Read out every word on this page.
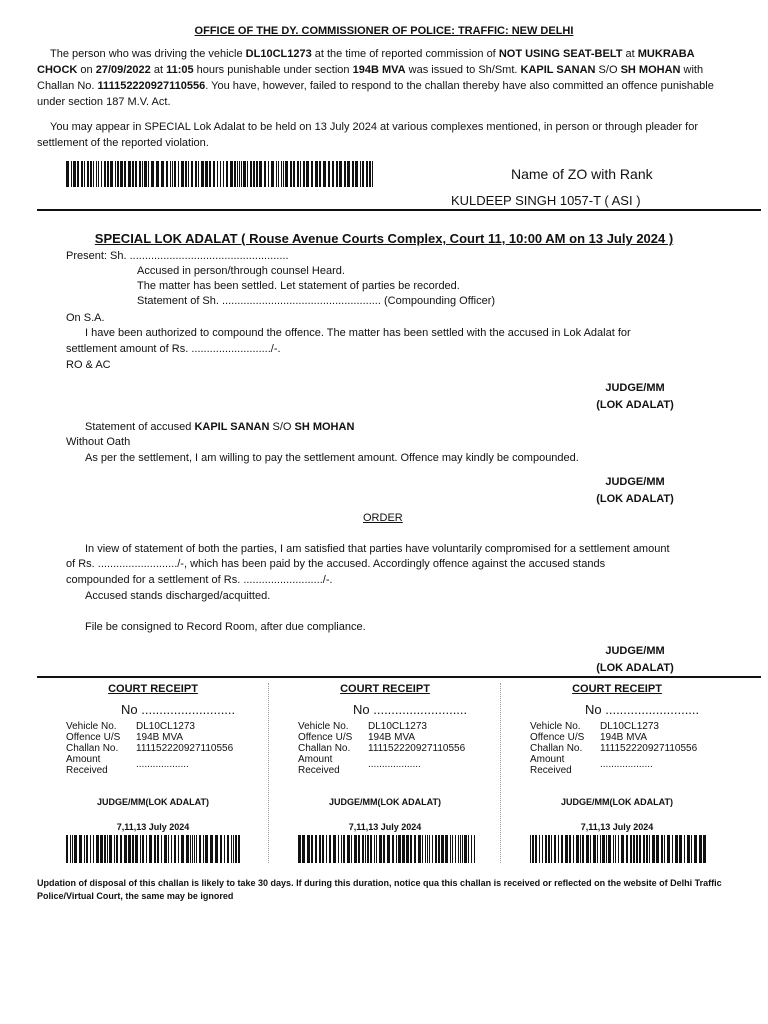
OFFICE OF THE DY. COMMISSIONER OF POLICE: TRAFFIC: NEW DELHI
The person who was driving the vehicle DL10CL1273 at the time of reported commission of NOT USING SEAT-BELT at MUKRABA CHOCK on 27/09/2022 at 11:05 hours punishable under section 194B MVA was issued to Sh/Smt. KAPIL SANAN S/O SH MOHAN with Challan No. 111152220927110556. You have, however, failed to respond to the challan thereby have also committed an offence punishable under section 187 M.V. Act.
You may appear in SPECIAL Lok Adalat to be held on 13 July 2024 at various complexes mentioned, in person or through pleader for settlement of the reported violation.
Name of ZO with Rank
KULDEEP SINGH 1057-T ( ASI )
SPECIAL LOK ADALAT ( Rouse Avenue Courts Complex, Court 11, 10:00 AM on 13 July 2024 )
Present: Sh. ....................................................
Accused in person/through counsel Heard.
The matter has been settled. Let statement of parties be recorded.
Statement of Sh. .................................................... (Compounding Officer)
On S.A.
I have been authorized to compound the offence. The matter has been settled with the accused in Lok Adalat for
settlement amount of Rs. ........................../-.
RO & AC
JUDGE/MM
(LOK ADALAT)
Statement of accused KAPIL SANAN S/O SH MOHAN
Without Oath
As per the settlement, I am willing to pay the settlement amount. Offence may kindly be compounded.
JUDGE/MM
(LOK ADALAT)
ORDER
In view of statement of both the parties, I am satisfied that parties have voluntarily compromised for a settlement amount
of Rs. ........................../-, which has been paid by the accused. Accordingly offence against the accused stands
compounded for a settlement of Rs. ........................../-.
Accused stands discharged/acquitted.
File be consigned to Record Room, after due compliance.
JUDGE/MM
(LOK ADALAT)
COURT RECEIPT
No ..........................
Vehicle No. DL10CL1273
Offence U/S 194B MVA
Challan No. 111152220927110556
Amount	...................
Received
JUDGE/MM(LOK ADALAT)
7,11,13 July 2024
COURT RECEIPT
No ..........................
Vehicle No. DL10CL1273
Offence U/S 194B MVA
Challan No. 111152220927110556
Amount	...................
Received
JUDGE/MM(LOK ADALAT)
7,11,13 July 2024
COURT RECEIPT
No ..........................
Vehicle No. DL10CL1273
Offence U/S 194B MVA
Challan No. 111152220927110556
Amount	...................
Received
JUDGE/MM(LOK ADALAT)
7,11,13 July 2024
Updation of disposal of this challan is likely to take 30 days. If during this duration, notice qua this challan is received or reflected on the website of Delhi Traffic Police/Virtual Court, the same may be ignored
